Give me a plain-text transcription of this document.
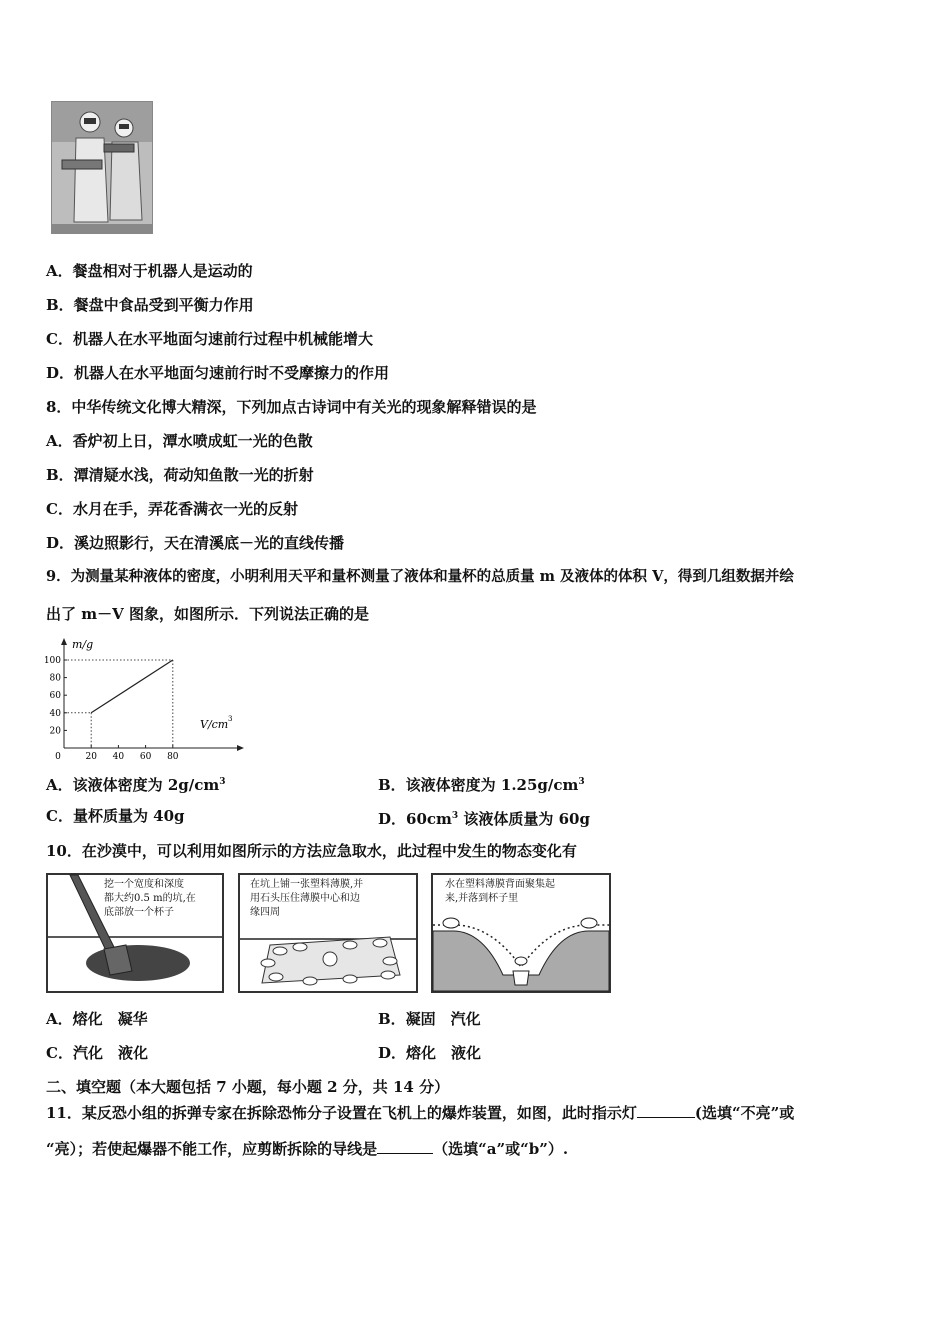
A．餐盘相对于机器人是运动的
B．餐盘中食品受到平衡力作用
C．机器人在水平地面匀速前行过程中机械能增大
D．机器人在水平地面匀速前行时不受摩擦力的作用
8．中华传统文化博大精深，下列加点古诗词中有关光的现象解释错误的是
A．香炉初上日，潭水喷成虹一光的色散
B．潭清疑水浅，荷动知鱼散一光的折射
C．水月在手，弄花香满衣一光的反射
D．溪边照影行，天在清溪底－光的直线传播
9．为测量某种液体的密度，小明利用天平和量杯测量了液体和量杯的总质量 m 及液体的体积 V，得到几组数据并绘
出了 m－V 图象，如图所示．下列说法正确的是
0	20 40 60 80
20
40
60
80
100
m/g
V/cm 3
A．该液体密度为 $2g/cm^3$	B．该液体密度为 $1.25g/cm^3$
C．量杯质量为 40g	D．$60cm^3$ 该液体质量为 60g
10．在沙漠中，可以利用如图所示的方法应急取水，此过程中发生的物态变化有
挖一个宽度和深度
都大约0.5 m的坑,在
底部放一个杯子
在坑上铺一张塑料薄膜,并
用石头压住薄膜中心和边
缘四周
水在塑料薄膜背面聚集起
来,并落到杯子里
A．熔化　凝华	B．凝固　汽化
C．汽化　液化	D．熔化　液化
二、填空题（本大题包括 7 小题，每小题 2 分，共 14 分）
11．某反恐小组的拆弹专家在拆除恐怖分子设置在飞机上的爆炸装置，如图，此时指示灯	(选填“不亮”或
“亮）；若使起爆器不能工作，应剪断拆除的导线是	（选填“a”或“b”）.
